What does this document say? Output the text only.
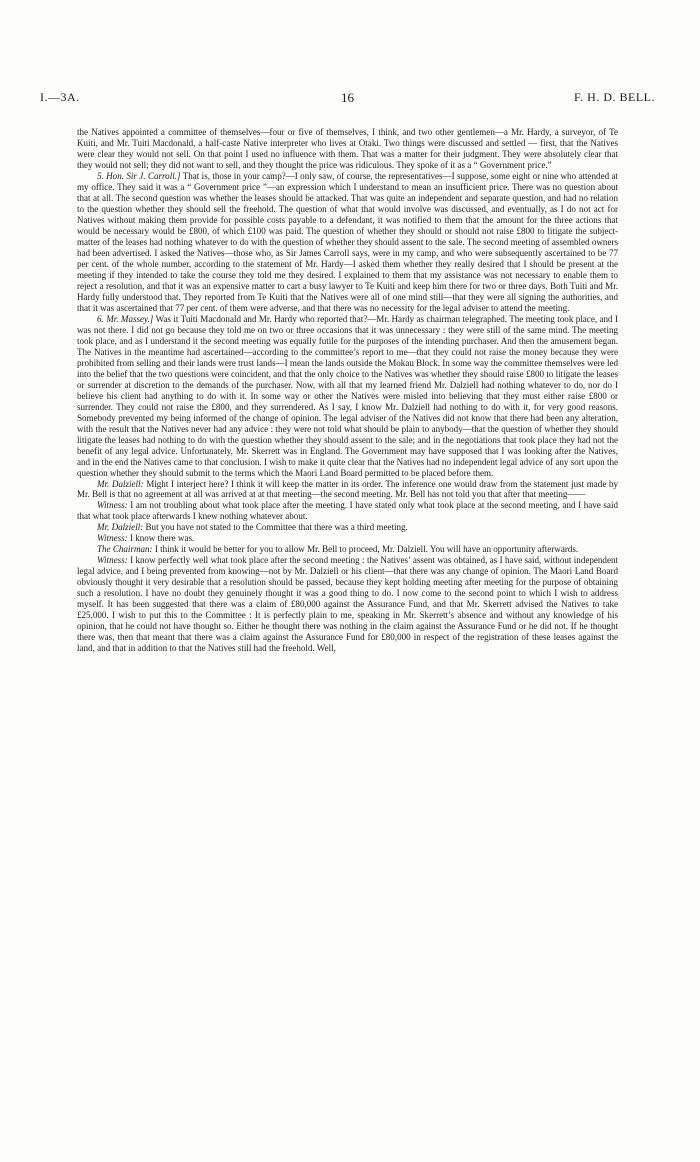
I.—3A.	16	F. H. D. BELL.

the Natives appointed a committee of themselves—four or five of themselves, I think, and two other gentlemen—a Mr. Hardy, a surveyor, of Te Kuiti, and Mr. Tuiti Macdonald, a half-caste Native interpreter who lives at Otaki. Two things were discussed and settled — first, that the Natives were clear they would not sell. On that point I used no influence with them. That was a matter for their judgment. They were absolutely clear that they would not sell; they did not want to sell, and they thought the price was ridiculous. They spoke of it as a “ Government price.”

5. Hon. Sir J. Carroll.] That is, those in your camp?—I only saw, of course, the representatives—I suppose, some eight or nine who attended at my office. They said it was a “ Government price ”—an expression which I understand to mean an insufficient price. There was no question about that at all. The second question was whether the leases should be attacked. That was quite an independent and separate question, and had no relation to the question whether they should sell the freehold. The question of what that would involve was discussed, and eventually, as I do not act for Natives without making them provide for possible costs payable to a defendant, it was notified to them that the amount for the three actions that would be necessary would be £800, of which £100 was paid. The question of whether they should or should not raise £800 to litigate the subject-matter of the leases had nothing whatever to do with the question of whether they should assent to the sale. The second meeting of assembled owners had been advertised. I asked the Natives—those who, as Sir James Carroll says, were in my camp, and who were subsequently ascertained to be 77 per cent. of the whole number, according to the statement of Mr. Hardy—I asked them whether they really desired that I should be present at the meeting if they intended to take the course they told me they desired. I explained to them that my assistance was not necessary to enable them to reject a resolution, and that it was an expensive matter to cart a busy lawyer to Te Kuiti and keep him there for two or three days. Both Tuiti and Mr. Hardy fully understood that. They reported from Te Kuiti that the Natives were all of one mind still—that they were all signing the authorities, and that it was ascertained that 77 per cent. of them were adverse, and that there was no necessity for the legal adviser to attend the meeting.

6. Mr. Massey.] Was it Tuiti Macdonald and Mr. Hardy who reported that?—Mr. Hardy as chairman telegraphed. The meeting took place, and I was not there. I did not go because they told me on two or three occasions that it was unnecessary : they were still of the same mind. The meeting took place, and as I understand it the second meeting was equally futile for the purposes of the intending purchaser. And then the amusement began. The Natives in the meantime had ascertained—according to the committee’s report to me—that they could not raise the money because they were prohibited from selling and their lands were trust lands—I mean the lands outside the Mokau Block. In some way the committee themselves were led into the belief that the two questions were coincident, and that the only choice to the Natives was whether they should raise £800 to litigate the leases or surrender at discretion to the demands of the purchaser. Now, with all that my learned friend Mr. Dalziell had nothing whatever to do, nor do I believe his client had anything to do with it. In some way or other the Natives were misled into believing that they must either raise £800 or surrender. They could not raise the £800, and they surrendered. As I say, I know Mr. Dalziell had nothing to do with it, for very good reasons. Somebody prevented my being informed of the change of opinion. The legal adviser of the Natives did not know that there had been any alteration, with the result that the Natives never had any advice : they were not told what should be plain to anybody—that the question of whether they should litigate the leases had nothing to do with the question whether they should assent to the sale; and in the negotiations that took place they had not the benefit of any legal advice. Unfortunately, Mr. Skerrett was in England. The Government may have supposed that I was looking after the Natives, and in the end the Natives came to that conclusion. I wish to make it quite clear that the Natives had no independent legal advice of any sort upon the question whether they should submit to the terms which the Maori Land Board permitted to be placed before them.

Mr. Dalziell: Might I interject here? I think it will keep the matter in its order. The inference one would draw from the statement just made by Mr. Bell is that no agreement at all was arrived at at that meeting—the second meeting. Mr. Bell has not told you that after that meeting——

Witness: I am not troubling about what took place after the meeting. I have stated only what took place at the second meeting, and I have said that what took place afterwards I knew nothing whatever about.

Mr. Dalziell: But you have not stated to the Committee that there was a third meeting.

Witness: I know there was.

The Chairman: I think it would be better for you to allow Mr. Bell to proceed, Mr. Dalziell. You will have an opportunity afterwards.

Witness: I know perfectly well what took place after the second meeting : the Natives’ assent was obtained, as I have said, without independent legal advice, and I being prevented from knowing—not by Mr. Dalziell or his client—that there was any change of opinion. The Maori Land Board obviously thought it very desirable that a resolution should be passed, because they kept holding meeting after meeting for the purpose of obtaining such a resolution. I have no doubt they genuinely thought it was a good thing to do. I now come to the second point to which I wish to address myself. It has been suggested that there was a claim of £80,000 against the Assurance Fund, and that Mr. Skerrett advised the Natives to take £25,000. I wish to put this to the Committee : It is perfectly plain to me, speaking in Mr. Skerrett’s absence and without any knowledge of his opinion, that he could not have thought so. Either he thought there was nothing in the claim against the Assurance Fund or he did not. If he thought there was, then that meant that there was a claim against the Assurance Fund for £80,000 in respect of the registration of these leases against the land, and that in addition to that the Natives still had the freehold. Well,
